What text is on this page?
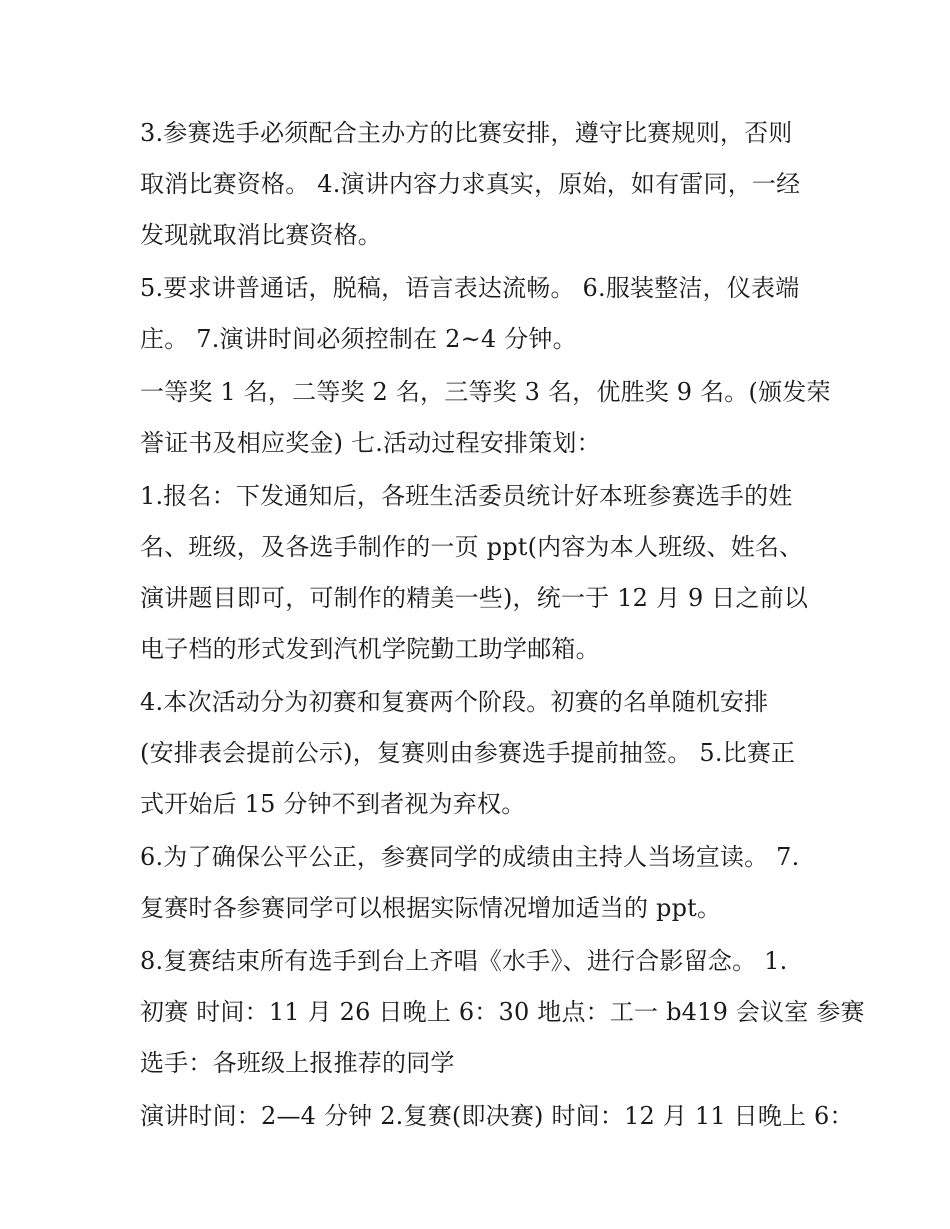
3.参赛选手必须配合主办方的比赛安排，遵守比赛规则，否则
取消比赛资格。 4.演讲内容力求真实，原始，如有雷同，一经
发现就取消比赛资格。
5.要求讲普通话，脱稿，语言表达流畅。 6.服装整洁，仪表端
庄。 7.演讲时间必须控制在 2~4 分钟。
一等奖 1 名，二等奖 2 名，三等奖 3 名，优胜奖 9 名。(颁发荣
誉证书及相应奖金) 七.活动过程安排策划：
1.报名：下发通知后，各班生活委员统计好本班参赛选手的姓
名、班级，及各选手制作的一页 ppt(内容为本人班级、姓名、
演讲题目即可，可制作的精美一些)，统一于 12 月 9 日之前以
电子档的形式发到汽机学院勤工助学邮箱。
4.本次活动分为初赛和复赛两个阶段。初赛的名单随机安排
(安排表会提前公示)，复赛则由参赛选手提前抽签。 5.比赛正
式开始后 15 分钟不到者视为弃权。
6.为了确保公平公正，参赛同学的成绩由主持人当场宣读。 7.
复赛时各参赛同学可以根据实际情况增加适当的 ppt。
8.复赛结束所有选手到台上齐唱《水手》、进行合影留念。 1.
初赛 时间：11 月 26 日晚上 6：30 地点：工一 b419 会议室 参赛
选手：各班级上报推荐的同学
演讲时间：2—4 分钟 2.复赛(即决赛) 时间：12 月 11 日晚上 6：
